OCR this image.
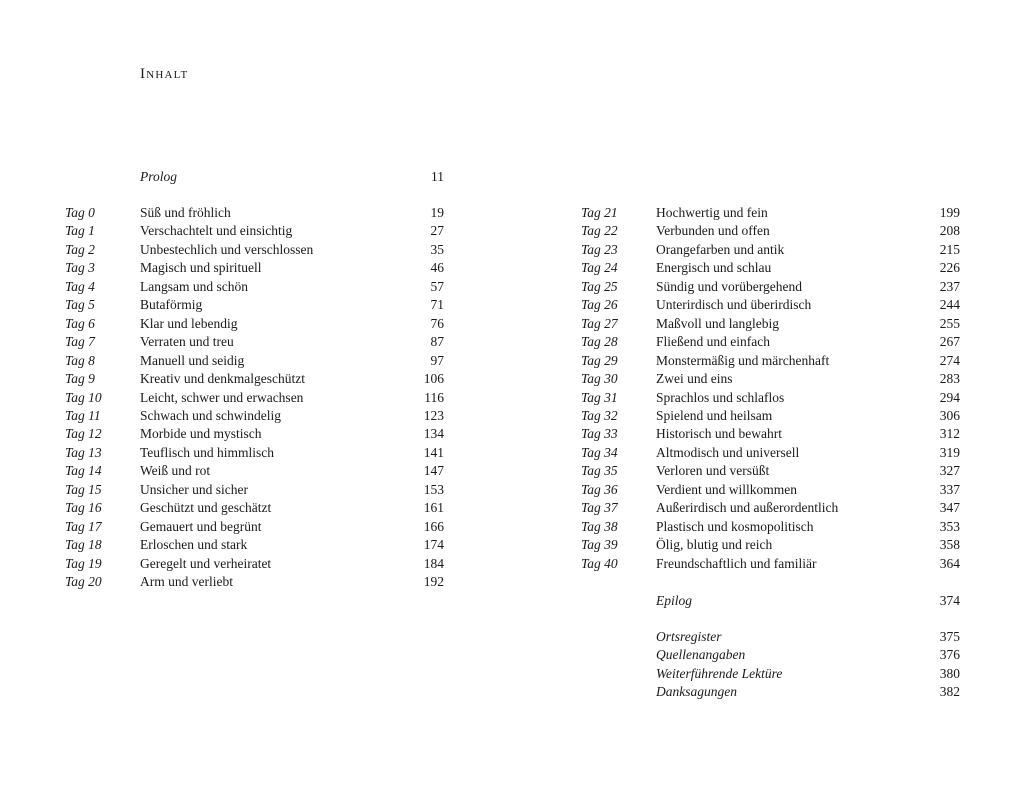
Inhalt
Prolog	11
Tag 0	Süß und fröhlich	19
Tag 1	Verschachtelt und einsichtig	27
Tag 2	Unbestechlich und verschlossen	35
Tag 3	Magisch und spirituell	46
Tag 4	Langsam und schön	57
Tag 5	Butaförmig	71
Tag 6	Klar und lebendig	76
Tag 7	Verraten und treu	87
Tag 8	Manuell und seidig	97
Tag 9	Kreativ und denkmalgeschützt	106
Tag 10	Leicht, schwer und erwachsen	116
Tag 11	Schwach und schwindelig	123
Tag 12	Morbide und mystisch	134
Tag 13	Teuflisch und himmlisch	141
Tag 14	Weiß und rot	147
Tag 15	Unsicher und sicher	153
Tag 16	Geschützt und geschätzt	161
Tag 17	Gemauert und begrünt	166
Tag 18	Erloschen und stark	174
Tag 19	Geregelt und verheiratet	184
Tag 20	Arm und verliebt	192
Tag 21	Hochwertig und fein	199
Tag 22	Verbunden und offen	208
Tag 23	Orangefarben und antik	215
Tag 24	Energisch und schlau	226
Tag 25	Sündig und vorübergehend	237
Tag 26	Unterirdisch und überirdisch	244
Tag 27	Maßvoll und langlebig	255
Tag 28	Fließend und einfach	267
Tag 29	Monstermäßig und märchenhaft	274
Tag 30	Zwei und eins	283
Tag 31	Sprachlos und schlaflos	294
Tag 32	Spielend und heilsam	306
Tag 33	Historisch und bewahrt	312
Tag 34	Altmodisch und universell	319
Tag 35	Verloren und versüßt	327
Tag 36	Verdient und willkommen	337
Tag 37	Außerirdisch und außerordentlich	347
Tag 38	Plastisch und kosmopolitisch	353
Tag 39	Ölig, blutig und reich	358
Tag 40	Freundschaftlich und familiär	364
Epilog	374
Ortsregister	375
Quellenangaben	376
Weiterführende Lektüre	380
Danksagungen	382
